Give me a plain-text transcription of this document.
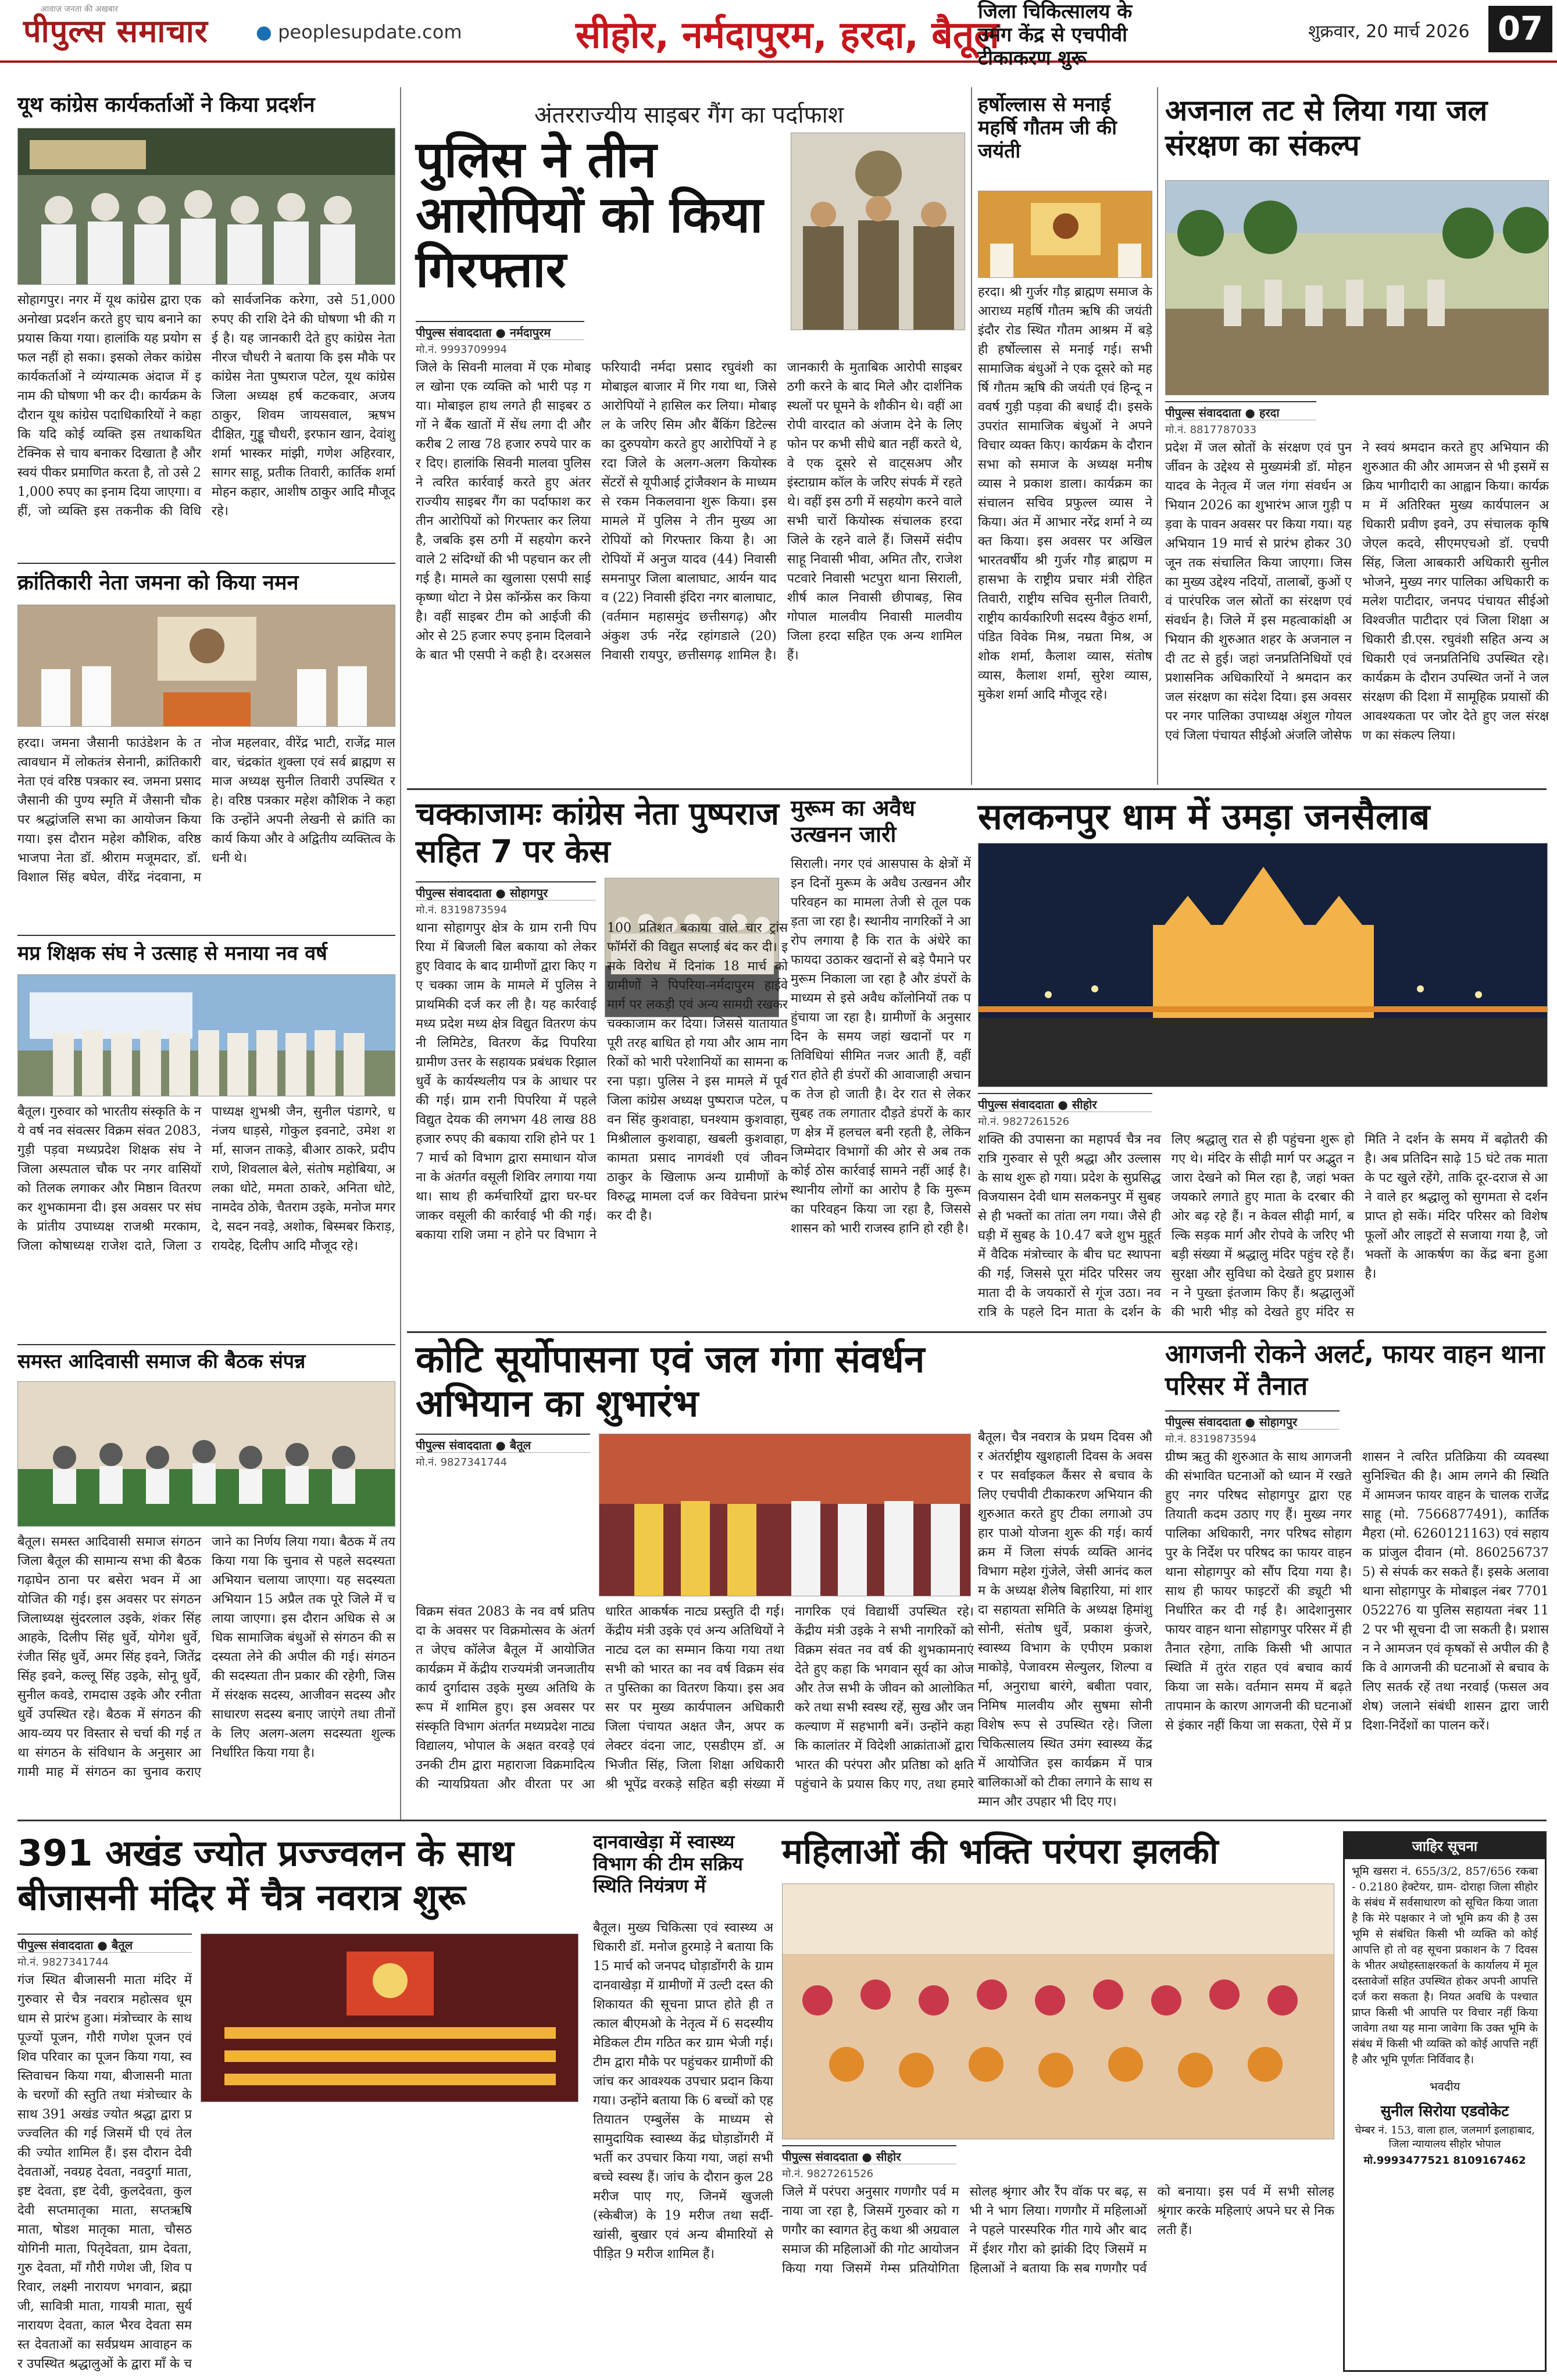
आवाज़ जनता की अखबार
पीपुल्स समाचार	● peoplesupdate.com	सीहोर, नर्मदापुरम, हरदा, बैतूल	शुक्रवार, 20 मार्च 2026 07
यूथ कांग्रेस कार्यकर्ताओं ने किया प्रदर्शन
सोहागपुर। नगर में यूथ कांग्रेस द्वारा एक अनोखा प्रदर्शन करते हुए चाय बनाने का प्रयास किया गया। हालांकि यह प्रयोग सफल नहीं हो सका। इसको लेकर कांग्रेस कार्यकर्ताओं ने व्यंग्यात्मक अंदाज में इनाम की घोषणा भी कर दी। कार्यक्रम के दौरान यूथ कांग्रेस पदाधिकारियों ने कहा कि यदि कोई व्यक्ति इस तथाकथित टेक्निक से चाय बनाकर दिखाता है और स्वयं पीकर प्रमाणित करता है, तो उसे 21,000 रुपए का इनाम दिया जाएगा। वहीं, जो व्यक्ति इस तकनीक की विधि को सार्वजनिक करेगा, उसे 51,000 रुपए की राशि देने की घोषणा भी की गई है। यह जानकारी देते हुए कांग्रेस नेता नीरज चौधरी ने बताया कि इस मौके पर कांग्रेस नेता पुष्पराज पटेल, यूथ कांग्रेस जिला अध्यक्ष हर्ष कटकवार, अजय ठाकुर, शिवम जायसवाल, ऋषभ दीक्षित, गुड्डू चौधरी, इरफान खान, देवांशु शर्मा भास्कर मांझी, गणेश अहिरवार, सागर साहू, प्रतीक तिवारी, कार्तिक शर्मा मोहन कहार, आशीष ठाकुर आदि मौजूद रहे।
क्रांतिकारी नेता जमना को किया नमन
हरदा। जमना जैसानी फाउंडेशन के तत्वावधान में लोकतंत्र सेनानी, क्रांतिकारी नेता एवं वरिष्ठ पत्रकार स्व. जमना प्रसाद जैसानी की पुण्य स्मृति में जैसानी चौक पर श्रद्धांजलि सभा का आयोजन किया गया। इस दौरान महेश कौशिक, वरिष्ठ भाजपा नेता डॉ. श्रीराम मजूमदार, डॉ. विशाल सिंह बघेल, वीरेंद्र नंदवाना, मनोज महलवार, वीरेंद्र भाटी, राजेंद्र मालवार, चंद्रकांत शुक्ला एवं सर्व ब्राह्मण समाज अध्यक्ष सुनील तिवारी उपस्थित रहे। वरिष्ठ पत्रकार महेश कौशिक ने कहा कि उन्होंने अपनी लेखनी से क्रांति का कार्य किया और वे अद्वितीय व्यक्तित्व के धनी थे।
मप्र शिक्षक संघ ने उत्साह से मनाया नव वर्ष
बैतूल। गुरुवार को भारतीय संस्कृति के नये वर्ष नव संवत्सर विक्रम संवत 2083, गुड़ी पड़वा मध्यप्रदेश शिक्षक संघ ने जिला अस्पताल चौक पर नगर वासियों को तिलक लगाकर और मिष्ठान वितरण कर शुभकामना दी। इस अवसर पर संघ के प्रांतीय उपाध्यक्ष राजश्री मरकाम, जिला कोषाध्यक्ष राजेश दाते, जिला उपाध्यक्ष शुभश्री जैन, सुनील पंडागरे, धनंजय धाड़से, गोकुल इवनाटे, उमेश शर्मा, साजन ताकड़े, बीआर ठाकरे, प्रदीप राणे, शिवलाल बेले, संतोष महोबिया, अलका धोटे, ममता ठाकरे, अनिता धोटे, नामदेव ठोके, चैतराम उइके, मनोज मगरदे, सदन नवड़े, अशोक, बिस्मबर किराड़, रायदेह, दिलीप आदि मौजूद रहे।
समस्त आदिवासी समाज की बैठक संपन्न
बैतूल। समस्त आदिवासी समाज संगठन जिला बैतूल की सामान्य सभा की बैठक गढ़ाघेन ठाना पर बसेरा भवन में आयोजित की गई। इस अवसर पर संगठन जिलाध्यक्ष सुंदरलाल उइके, शंकर सिंह आहके, दिलीप सिंह धुर्वे, योगेश धुर्वे, रंजीत सिंह धुर्वे, अमर सिंह इवने, जितेंद्र सिंह इवने, कल्लू सिंह उइके, सोनू धुर्वे, सुनील कवडे, रामदास उइके और रनीता धुर्वे उपस्थित रहे। बैठक में संगठन की आय-व्यय पर विस्तार से चर्चा की गई तथा संगठन के संविधान के अनुसार आगामी माह में संगठन का चुनाव कराए जाने का निर्णय लिया गया। बैठक में तय किया गया कि चुनाव से पहले सदस्यता अभियान चलाया जाएगा। यह सदस्यता अभियान 15 अप्रैल तक पूरे जिले में चलाया जाएगा। इस दौरान अधिक से अधिक सामाजिक बंधुओं से संगठन की सदस्यता लेने की अपील की गई। संगठन की सदस्यता तीन प्रकार की रहेगी, जिसमें संरक्षक सदस्य, आजीवन सदस्य और साधारण सदस्य बनाए जाएंगे तथा तीनों के लिए अलग-अलग सदस्यता शुल्क निर्धारित किया गया है।
अंतरराज्यीय साइबर गैंग का पर्दाफाश
पुलिस ने तीन आरोपियों को किया गिरफ्तार
पीपुल्स संवाददाता ● नर्मदापुरम
मो.नं. 9993709994
जिले के सिवनी मालवा में एक मोबाइल खोना एक व्यक्ति को भारी पड़ गया। मोबाइल हाथ लगते ही साइबर ठगों ने बैंक खातों में सेंध लगा दी और करीब 2 लाख 78 हजार रुपये पार कर दिए। हालांकि सिवनी मालवा पुलिस ने त्वरित कार्रवाई करते हुए अंतरराज्यीय साइबर गैंग का पर्दाफाश कर तीन आरोपियों को गिरफ्तार कर लिया है, जबकि इस ठगी में सहयोग करने वाले 2 संदिग्धों की भी पहचान कर ली गई है। मामले का खुलासा एसपी साई कृष्णा थोटा ने प्रेस कॉन्फ्रेंस कर किया है। वहीं साइबर टीम को आईजी की ओर से 25 हजार रुपए इनाम दिलवाने के बात भी एसपी ने कही है। दरअसल फरियादी नर्मदा प्रसाद रघुवंशी का मोबाइल बाजार में गिर गया था, जिसे आरोपियों ने हासिल कर लिया। मोबाइल के जरिए सिम और बैंकिंग डिटेल्स का दुरुपयोग करते हुए आरोपियों ने हरदा जिले के अलग-अलग कियोस्क सेंटरों से यूपीआई ट्रांजैक्शन के माध्यम से रकम निकलवाना शुरू किया। इस मामले में पुलिस ने तीन मुख्य आरोपियों को गिरफ्तार किया है। आरोपियों में अनुज यादव (44) निवासी समनापुर जिला बालाघाट, आर्यन यादव (22) निवासी इंदिरा नगर बालाघाट, (वर्तमान महासमुंद छत्तीसगढ़) और अंकुश उर्फ नरेंद्र रहांगडाले (20) निवासी रायपुर, छत्तीसगढ़ शामिल है। जानकारी के मुताबिक आरोपी साइबर ठगी करने के बाद मिले और दार्शनिक स्थलों पर घूमने के शौकीन थे। वहीं आरोपी वारदात को अंजाम देने के लिए फोन पर कभी सीधे बात नहीं करते थे, वे एक दूसरे से वाट्सअप और इंस्टाग्राम कॉल के जरिए संपर्क में रहते थे। वहीं इस ठगी में सहयोग करने वाले सभी चारों कियोस्क संचालक हरदा जिले के रहने वाले हैं। जिसमें संदीप साहू निवासी भीवा, अमित तौर, राजेश पटवारे निवासी भटपुरा थाना सिराली, शीर्ष काल निवासी छीपाबड़, सिव गोपाल मालवीय निवासी मालवीय जिला हरदा सहित एक अन्य शामिल हैं।
हर्षोल्लास से मनाई महर्षि गौतम जी की जयंती
हरदा। श्री गुर्जर गौड़ ब्राह्मण समाज के आराध्य महर्षि गौतम ऋषि की जयंती इंदौर रोड स्थित गौतम आश्रम में बड़े ही हर्षोल्लास से मनाई गई। सभी सामाजिक बंधुओं ने एक दूसरे को महर्षि गौतम ऋषि की जयंती एवं हिन्दू नववर्ष गुड़ी पड़वा की बधाई दी। इसके उपरांत सामाजिक बंधुओं ने अपने विचार व्यक्त किए। कार्यक्रम के दौरान सभा को समाज के अध्यक्ष मनीष व्यास ने प्रकाश डाला। कार्यक्रम का संचालन सचिव प्रफुल्ल व्यास ने किया। अंत में आभार नरेंद्र शर्मा ने व्यक्त किया। इस अवसर पर अखिल भारतवर्षीय श्री गुर्जर गौड़ ब्राह्मण महासभा के राष्ट्रीय प्रचार मंत्री रोहित तिवारी, राष्ट्रीय सचिव सुनील तिवारी, राष्ट्रीय कार्यकारिणी सदस्य वैकुंठ शर्मा, पंडित विवेक मिश्र, नम्रता मिश्र, अशोक शर्मा, कैलाश व्यास, संतोष व्यास, कैलाश शर्मा, सुरेश व्यास, मुकेश शर्मा आदि मौजूद रहे।
अजनाल तट से लिया गया जल संरक्षण का संकल्प
पीपुल्स संवाददाता ● हरदा
मो.नं. 8817787033
प्रदेश में जल स्रोतों के संरक्षण एवं पुनर्जीवन के उद्देश्य से मुख्यमंत्री डॉ. मोहन यादव के नेतृत्व में जल गंगा संवर्धन अभियान 2026 का शुभारंभ आज गुड़ी पड़वा के पावन अवसर पर किया गया। यह अभियान 19 मार्च से प्रारंभ होकर 30 जून तक संचालित किया जाएगा। जिसका मुख्य उद्देश्य नदियों, तालाबों, कुओं एवं पारंपरिक जल स्रोतों का संरक्षण एवं संवर्धन है। जिले में इस महत्वाकांक्षी अभियान की शुरुआत शहर के अजनाल नदी तट से हुई। जहां जनप्रतिनिधियों एवं प्रशासनिक अधिकारियों ने श्रमदान कर जल संरक्षण का संदेश दिया। इस अवसर पर नगर पालिका उपाध्यक्ष अंशुल गोयल एवं जिला पंचायत सीईओ अंजलि जोसेफ ने स्वयं श्रमदान करते हुए अभियान की शुरुआत की और आमजन से भी इसमें सक्रिय भागीदारी का आह्वान किया। कार्यक्रम में अतिरिक्त मुख्य कार्यपालन अधिकारी प्रवीण इवने, उप संचालक कृषि जेएल कदवे, सीएमएचओ डॉ. एचपी सिंह, जिला आबकारी अधिकारी सुनील भोजने, मुख्य नगर पालिका अधिकारी कमलेश पाटीदार, जनपद पंचायत सीईओ विश्वजीत पाटीदार एवं जिला शिक्षा अधिकारी डी.एस. रघुवंशी सहित अन्य अधिकारी एवं जनप्रतिनिधि उपस्थित रहे। कार्यक्रम के दौरान उपस्थित जनों ने जल संरक्षण की दिशा में सामूहिक प्रयासों की आवश्यकता पर जोर देते हुए जल संरक्षण का संकल्प लिया।
चक्काजामः कांग्रेस नेता पुष्पराज सहित 7 पर केस
पीपुल्स संवाददाता ● सोहागपुर
मो.नं. 8319873594
थाना सोहागपुर क्षेत्र के ग्राम रानी पिपरिया में बिजली बिल बकाया को लेकर हुए विवाद के बाद ग्रामीणों द्वारा किए गए चक्का जाम के मामले में पुलिस ने प्राथमिकी दर्ज कर ली है। यह कार्रवाई मध्य प्रदेश मध्य क्षेत्र विद्युत वितरण कंपनी लिमिटेड, वितरण केंद्र पिपरिया ग्रामीण उत्तर के सहायक प्रबंधक रिझाल धुर्वे के कार्यस्थलीय पत्र के आधार पर की गई। ग्राम रानी पिपरिया में पहले विद्युत देयक की लगभग 48 लाख 88 हजार रुपए की बकाया राशि होने पर 17 मार्च को विभाग द्वारा समाधान योजना के अंतर्गत वसूली शिविर लगाया गया था। साथ ही कर्मचारियों द्वारा घर-घर जाकर वसूली की कार्रवाई भी की गई। बकाया राशि जमा न होने पर विभाग ने 100 प्रतिशत बकाया वाले चार ट्रांसफॉर्मरों की विद्युत सप्लाई बंद कर दी। इसके विरोध में दिनांक 18 मार्च को ग्रामीणों ने पिपरिया-नर्मदापुरम हाईवे मार्ग पर लकड़ी एवं अन्य सामग्री रखकर चक्काजाम कर दिया। जिससे यातायात पूरी तरह बाधित हो गया और आम नागरिकों को भारी परेशानियों का सामना करना पड़ा। पुलिस ने इस मामले में पूर्व जिला कांग्रेस अध्यक्ष पुष्पराज पटेल, पवन सिंह कुशवाहा, घनश्याम कुशवाहा, मिश्रीलाल कुशवाहा, खबली कुशवाहा, कामता प्रसाद नागवंशी एवं जीवन ठाकुर के खिलाफ अन्य ग्रामीणों के विरुद्ध मामला दर्ज कर विवेचना प्रारंभ कर दी है।
मुरूम का अवैध उत्खनन जारी
सिराली। नगर एवं आसपास के क्षेत्रों में इन दिनों मुरूम के अवैध उत्खनन और परिवहन का मामला तेजी से तूल पकड़ता जा रहा है। स्थानीय नागरिकों ने आरोप लगाया है कि रात के अंधेरे का फायदा उठाकर खदानों से बड़े पैमाने पर मुरूम निकाला जा रहा है और डंपरों के माध्यम से इसे अवैध कॉलोनियों तक पहुंचाया जा रहा है। ग्रामीणों के अनुसार दिन के समय जहां खदानों पर गतिविधियां सीमित नजर आती हैं, वहीं रात होते ही डंपरों की आवाजाही अचानक तेज हो जाती है। देर रात से लेकर सुबह तक लगातार दौड़ते डंपरों के कारण क्षेत्र में हलचल बनी रहती है, लेकिन जिम्मेदार विभागों की ओर से अब तक कोई ठोस कार्रवाई सामने नहीं आई है। स्थानीय लोगों का आरोप है कि मुरूम का परिवहन किया जा रहा है, जिससे शासन को भारी राजस्व हानि हो रही है।
सलकनपुर धाम में उमड़ा जनसैलाब
पीपुल्स संवाददाता ● सीहोर
मो.नं. 9827261526
शक्ति की उपासना का महापर्व चैत्र नवरात्रि गुरुवार से पूरी श्रद्धा और उल्लास के साथ शुरू हो गया। प्रदेश के सुप्रसिद्ध विजयासन देवी धाम सलकनपुर में सुबह से ही भक्तों का तांता लग गया। जैसे ही घड़ी में सुबह के 10.47 बजे शुभ मुहूर्त में वैदिक मंत्रोच्चार के बीच घट स्थापना की गई, जिससे पूरा मंदिर परिसर जय माता दी के जयकारों से गूंज उठा। नवरात्रि के पहले दिन माता के दर्शन के लिए श्रद्धालु रात से ही पहुंचना शुरू हो गए थे। मंदिर के सीढ़ी मार्ग पर अद्भुत नजारा देखने को मिल रहा है, जहां भक्त जयकारे लगाते हुए माता के दरबार की ओर बढ़ रहे हैं। न केवल सीढ़ी मार्ग, बल्कि सड़क मार्ग और रोपवे के जरिए भी बड़ी संख्या में श्रद्धालु मंदिर पहुंच रहे हैं। सुरक्षा और सुविधा को देखते हुए प्रशासन ने पुख्ता इंतजाम किए हैं। श्रद्धालुओं की भारी भीड़ को देखते हुए मंदिर समिति ने दर्शन के समय में बढ़ोतरी की है। अब प्रतिदिन साढ़े 15 घंटे तक माता के पट खुले रहेंगे, ताकि दूर-दराज से आने वाले हर श्रद्धालु को सुगमता से दर्शन प्राप्त हो सकें। मंदिर परिसर को विशेष फूलों और लाइटों से सजाया गया है, जो भक्तों के आकर्षण का केंद्र बना हुआ है।
कोटि सूर्योपासना एवं जल गंगा संवर्धन अभियान का शुभारंभ
पीपुल्स संवाददाता ● बैतूल
मो.नं. 9827341744
विक्रम संवत 2083 के नव वर्ष प्रतिपदा के अवसर पर विक्रमोत्सव के अंतर्गत जेएच कॉलेज बैतूल में आयोजित कार्यक्रम में केंद्रीय राज्यमंत्री जनजातीय कार्य दुर्गादास उइके मुख्य अतिथि के रूप में शामिल हुए। इस अवसर पर संस्कृति विभाग अंतर्गत मध्यप्रदेश नाट्य विद्यालय, भोपाल के अक्षत वरवड़े एवं उनकी टीम द्वारा महाराजा विक्रमादित्य की न्यायप्रियता और वीरता पर आधारित आकर्षक नाट्य प्रस्तुति दी गई। केंद्रीय मंत्री उइके एवं अन्य अतिथियों ने नाट्य दल का सम्मान किया गया तथा सभी को भारत का नव वर्ष विक्रम संवत पुस्तिका का वितरण किया। इस अवसर पर मुख्य कार्यपालन अधिकारी जिला पंचायत अक्षत जैन, अपर कलेक्टर वंदना जाट, एसडीएम डॉ. अभिजीत सिंह, जिला शिक्षा अधिकारी श्री भूपेंद्र वरकड़े सहित बड़ी संख्या में नागरिक एवं विद्यार्थी उपस्थित रहे। केंद्रीय मंत्री उइके ने सभी नागरिकों को विक्रम संवत नव वर्ष की शुभकामनाएं देते हुए कहा कि भगवान सूर्य का ओज और तेज सभी के जीवन को आलोकित करे तथा सभी स्वस्थ रहें, सुख और जनकल्याण में सहभागी बनें। उन्होंने कहा कि कालांतर में विदेशी आक्रांताओं द्वारा भारत की परंपरा और प्रतिष्ठा को क्षति पहुंचाने के प्रयास किए गए, तथा हमारे
जिला चिकित्सालय के उमंग केंद्र से एचपीवी टीकाकरण शुरू
बैतूल। चैत्र नवरात्र के प्रथम दिवस और अंतर्राष्ट्रीय खुशहाली दिवस के अवसर पर सर्वाइकल कैंसर से बचाव के लिए एचपीवी टीकाकरण अभियान की शुरुआत करते हुए टीका लगाओ उपहार पाओ योजना शुरू की गई। कार्यक्रम में जिला संपर्क व्यक्ति आनंद विभाग महेश गुंजेले, जेसी आनंद कलम के अध्यक्ष शैलेष बिहारिया, मां शारदा सहायता समिति के अध्यक्ष हिमांशु सोनी, संतोष धुर्वे, प्रकाश कुंजरे, स्वास्थ्य विभाग के एपीएम प्रकाश माकोड़े, पेजावरम सेल्युलर, शिल्पा वर्मा, अनुराधा बारंगे, बबीता पवार, निमिष मालवीय और सुषमा सोनी विशेष रूप से उपस्थित रहे। जिला चिकित्सालय स्थित उमंग स्वास्थ्य केंद्र में आयोजित इस कार्यक्रम में पात्र बालिकाओं को टीका लगाने के साथ सम्मान और उपहार भी दिए गए।
आगजनी रोकने अलर्ट, फायर वाहन थाना परिसर में तैनात
पीपुल्स संवाददाता ● सोहागपुर
मो.नं. 8319873594
ग्रीष्म ऋतु की शुरुआत के साथ आगजनी की संभावित घटनाओं को ध्यान में रखते हुए नगर परिषद सोहागपुर द्वारा एहतियाती कदम उठाए गए हैं। मुख्य नगर पालिका अधिकारी, नगर परिषद सोहागपुर के निर्देश पर परिषद का फायर वाहन थाना सोहागपुर को सौंप दिया गया है। साथ ही फायर फाइटरों की ड्यूटी भी निर्धारित कर दी गई है। आदेशानुसार फायर वाहन थाना सोहागपुर परिसर में ही तैनात रहेगा, ताकि किसी भी आपात स्थिति में तुरंत राहत एवं बचाव कार्य किया जा सके। वर्तमान समय में बढ़ते तापमान के कारण आगजनी की घटनाओं से इंकार नहीं किया जा सकता, ऐसे में प्रशासन ने त्वरित प्रतिक्रिया की व्यवस्था सुनिश्चित की है। आम लगने की स्थिति में आमजन फायर वाहन के चालक राजेंद्र साहू (मो. 7566877491), कार्तिक मैहरा (मो. 6260121163) एवं सहायक प्रांजुल दीवान (मो. 8602567375) से संपर्क कर सकते हैं। इसके अलावा थाना सोहागपुर के मोबाइल नंबर 7701052276 या पुलिस सहायता नंबर 112 पर भी सूचना दी जा सकती है। प्रशासन ने आमजन एवं कृषकों से अपील की है कि वे आगजनी की घटनाओं से बचाव के लिए सतर्क रहें तथा नरवाई (फसल अवशेष) जलाने संबंधी शासन द्वारा जारी दिशा-निर्देशों का पालन करें।
391 अखंड ज्योत प्रज्ज्वलन के साथ बीजासनी मंदिर में चैत्र नवरात्र शुरू
पीपुल्स संवाददाता ● बैतूल
मो.नं. 9827341744
गंज स्थित बीजासनी माता मंदिर में गुरुवार से चैत्र नवरात्र महोत्सव धूमधाम से प्रारंभ हुआ। मंत्रोच्चार के साथ पूज्यों पूजन, गौरी गणेश पूजन एवं शिव परिवार का पूजन किया गया, स्वस्तिवाचन किया गया, बीजासनी माता के चरणों की स्तुति तथा मंत्रोच्चार के साथ 391 अखंड ज्योत श्रद्धा द्वारा प्रज्ज्वलित की गई जिसमें घी एवं तेल की ज्योत शामिल हैं। इस दौरान देवी देवताओं, नवग्रह देवता, नवदुर्गा माता, इष्ट देवता, इष्ट देवी, कुलदेवता, कुलदेवी सप्तमातृका माता, सप्तऋषि माता, षोडश मातृका माता, चौसठ योगिनी माता, पितृदेवता, ग्राम देवता, गुरु देवता, माँ गौरी गणेश जी, शिव परिवार, लक्ष्मी नारायण भगवान, ब्रह्मा जी, सावित्री माता, गायत्री माता, सुर्यनारायण देवता, काल भैरव देवता समस्त देवताओं का सर्वप्रथम आवाहन कर उपस्थित श्रद्धालुओं के द्वारा माँ के च
दानवाखेड़ा में स्वास्थ्य विभाग की टीम सक्रिय स्थिति नियंत्रण में
बैतूल। मुख्य चिकित्सा एवं स्वास्थ्य अधिकारी डॉ. मनोज हुरमाड़े ने बताया कि 15 मार्च को जनपद घोड़ाडोंगरी के ग्राम दानवाखेड़ा में ग्रामीणों में उल्टी दस्त की शिकायत की सूचना प्राप्त होते ही तत्काल बीएमओ के नेतृत्व में 6 सदस्यीय मेडिकल टीम गठित कर ग्राम भेजी गई। टीम द्वारा मौके पर पहुंचकर ग्रामीणों की जांच कर आवश्यक उपचार प्रदान किया गया। उन्होंने बताया कि 6 बच्चों को एहतियातन एम्बुलेंस के माध्यम से सामुदायिक स्वास्थ्य केंद्र घोड़ाडोंगरी में भर्ती कर उपचार किया गया, जहां सभी बच्चे स्वस्थ हैं। जांच के दौरान कुल 28 मरीज पाए गए, जिनमें खुजली (स्केबीज) के 19 मरीज तथा सर्दी-खांसी, बुखार एवं अन्य बीमारियों से पीड़ित 9 मरीज शामिल हैं।
महिलाओं की भक्ति परंपरा झलकी
पीपुल्स संवाददाता ● सीहोर
मो.नं. 9827261526
जिले में परंपरा अनुसार गणगौर पर्व मनाया जा रहा है, जिसमें गुरुवार को गणगौर का स्वागत हेतु कथा श्री अग्रवाल समाज की महिलाओं की गोट आयोजन किया गया जिसमें गेम्स प्रतियोगिता सोलह श्रृंगार और रैंप वॉक पर बढ़, सभी ने भाग लिया। गणगौर में महिलाओं ने पहले पारस्परिक गीत गाये और बाद में ईशर गौरा को झांकी दिए जिसमें महिलाओं ने बताया कि सब गणगौर पर्व को बनाया। इस पर्व में सभी सोलह श्रृंगार करके महिलाएं अपने घर से निकलती हैं।
जाहिर सूचना
भूमि खसरा नं. 655/3/2, 857/656 रकबा - 0.2180 हेक्टेयर, ग्राम- दोराहा जिला सीहोर के संबंध में सर्वसाधारण को सूचित किया जाता है कि मेरे पक्षकार ने जो भूमि क्रय की है उस भूमि से संबंधित किसी भी व्यक्ति को कोई आपत्ति हो तो वह सूचना प्रकाशन के 7 दिवस के भीतर अधोहस्ताक्षरकर्ता के कार्यालय में मूल दस्तावेजों सहित उपस्थित होकर अपनी आपत्ति दर्ज करा सकता है। नियत अवधि के पश्चात प्राप्त किसी भी आपत्ति पर विचार नहीं किया जावेगा तथा यह माना जावेगा कि उक्त भूमि के संबंध में किसी भी व्यक्ति को कोई आपत्ति नहीं है और भूमि पूर्णतः निर्विवाद है।
भवदीय
सुनील सिरोया एडवोकेट
चेम्बर नं. 153, वाला हाल, जलमार्ग इलाहाबाद, जिला न्यायालय सीहोर भोपाल
मो.9993477521 8109167462
